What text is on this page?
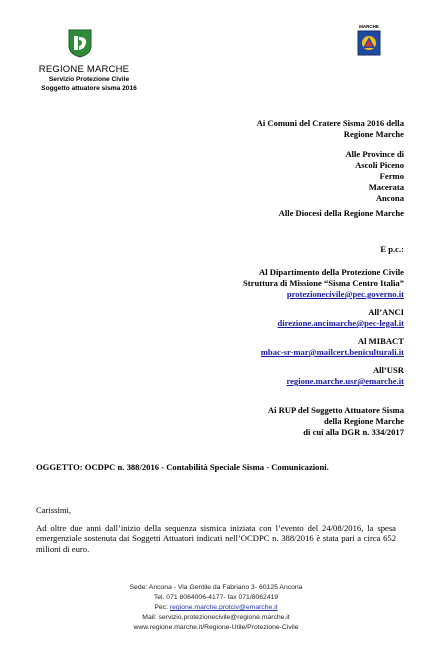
REGIONE MARCHE
Servizio Protezione Civile
Soggetto attuatore sisma 2016
MARCHE
Ai Comuni del Cratere Sisma 2016 della
Regione Marche
Alle Province di
Ascoli Piceno
Fermo
Macerata
Ancona
Alle Diocesi della Regione Marche
E p.c.:
Al Dipartimento della Protezione Civile
Struttura di Missione “Sisma Centro Italia”
protezionecivile@pec.governo.it
All’ANCI
direzione.ancimarche@pec-legal.it
Al MIBACT
mbac-sr-mar@mailcert.beniculturali.it
All’USR
regione.marche.usr@emarche.it
Ai RUP del Soggetto Attuatore Sisma
della Regione Marche
di cui alla DGR n. 334/2017
OGGETTO: OCDPC n. 388/2016 - Contabilità Speciale Sisma - Comunicazioni.
Carissimi,
Ad oltre due anni dall’inizio della sequenza sismica iniziata con l’evento del 24/08/2016, la spesa emergenziale sostenuta dai Soggetti Attuatori indicati nell’OCDPC n. 388/2016 è stata pari a circa 652 milioni di euro.
Sede: Ancona - Via Gentile da Fabriano 3- 60125 Ancona
Tel. 071 8064006-4177- fax 071/8062419
Pec: regione.marche.protciv@emarche.it
Mail: servizio.protezionecivile@regione.marche.it
www.regione.marche.it/Regione-Utile/Protezione-Civile
